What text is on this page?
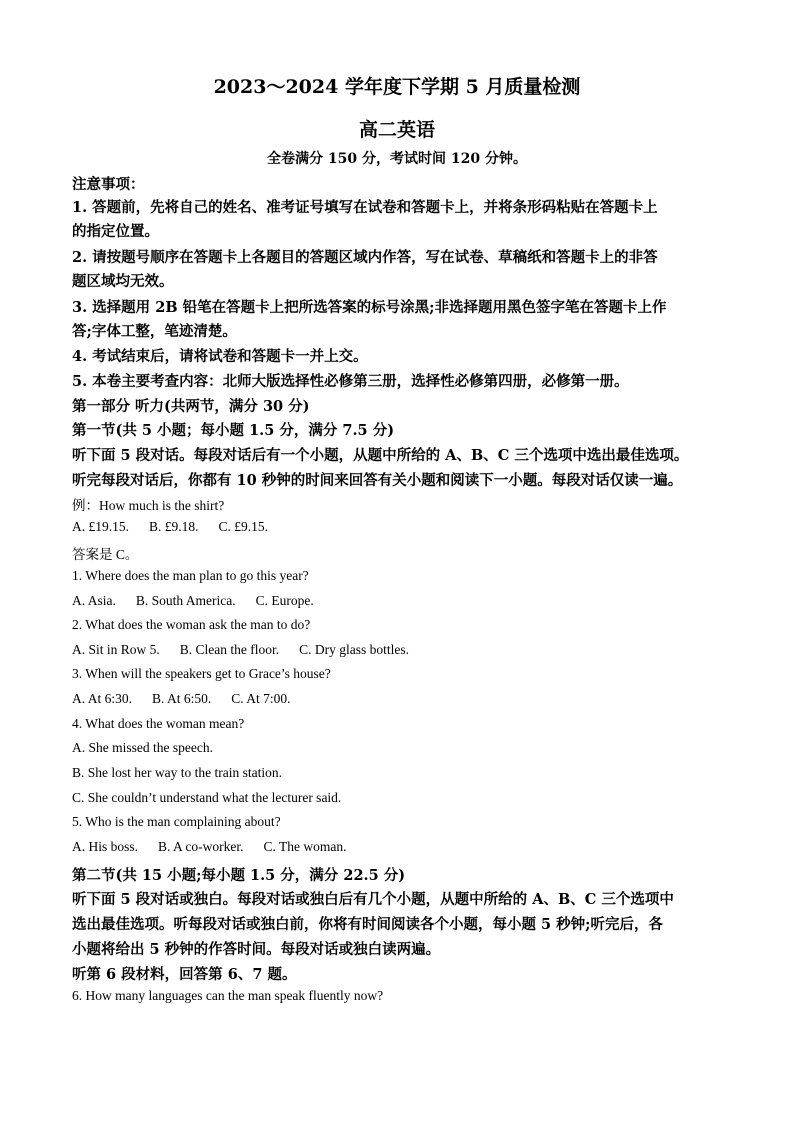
2023～2024 学年度下学期 5 月质量检测
高二英语
全卷满分 150 分，考试时间 120 分钟。
注意事项：
1. 答题前，先将自己的姓名、准考证号填写在试卷和答题卡上，并将条形码粘贴在答题卡上
的指定位置。
2. 请按题号顺序在答题卡上各题目的答题区域内作答，写在试卷、草稿纸和答题卡上的非答
题区域均无效。
3. 选择题用 2B 铅笔在答题卡上把所选答案的标号涂黑;非选择题用黑色签字笔在答题卡上作
答;字体工整，笔迹清楚。
4. 考试结束后，请将试卷和答题卡一并上交。
5. 本卷主要考查内容：北师大版选择性必修第三册，选择性必修第四册，必修第一册。
第一部分 听力(共两节，满分 30 分)
第一节(共 5 小题；每小题 1.5 分，满分 7.5 分)
听下面 5 段对话。每段对话后有一个小题，从题中所给的 A、B、C 三个选项中选出最佳选项。
听完每段对话后，你都有 10 秒钟的时间来回答有关小题和阅读下一小题。每段对话仅读一遍。
例：How much is the shirt?
A. £19.15. B. £9.18. C. £9.15.
答案是 C。
1. Where does the man plan to go this year?
A. Asia. B. South America. C. Europe.
2. What does the woman ask the man to do?
A. Sit in Row 5. B. Clean the floor. C. Dry glass bottles.
3. When will the speakers get to Grace’s house?
A. At 6:30. B. At 6:50. C. At 7:00.
4. What does the woman mean?
A. She missed the speech.
B. She lost her way to the train station.
C. She couldn’t understand what the lecturer said.
5. Who is the man complaining about?
A. His boss. B. A co-worker. C. The woman.
第二节(共 15 小题;每小题 1.5 分，满分 22.5 分)
听下面 5 段对话或独白。每段对话或独白后有几个小题，从题中所给的 A、B、C 三个选项中
选出最佳选项。听每段对话或独白前，你将有时间阅读各个小题，每小题 5 秒钟;听完后，各
小题将给出 5 秒钟的作答时间。每段对话或独白读两遍。
听第 6 段材料，回答第 6、7 题。
6. How many languages can the man speak fluently now?
